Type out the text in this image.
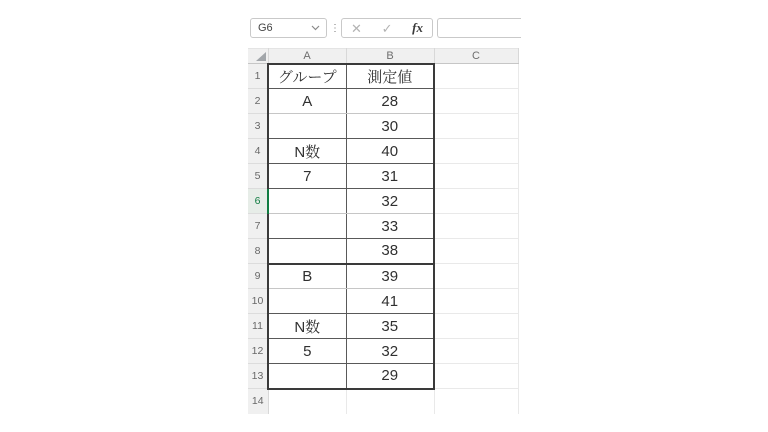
G6	⋮ ✕ ✓ fx
	A	B	C
1	グループ	測定値	
2	A	28	
3		30	
4	N数	40	
5	7	31	
6		32	
7		33	
8		38	
9	B	39	
10		41	
11	N数	35	
12	5	32	
13		29	
14			
